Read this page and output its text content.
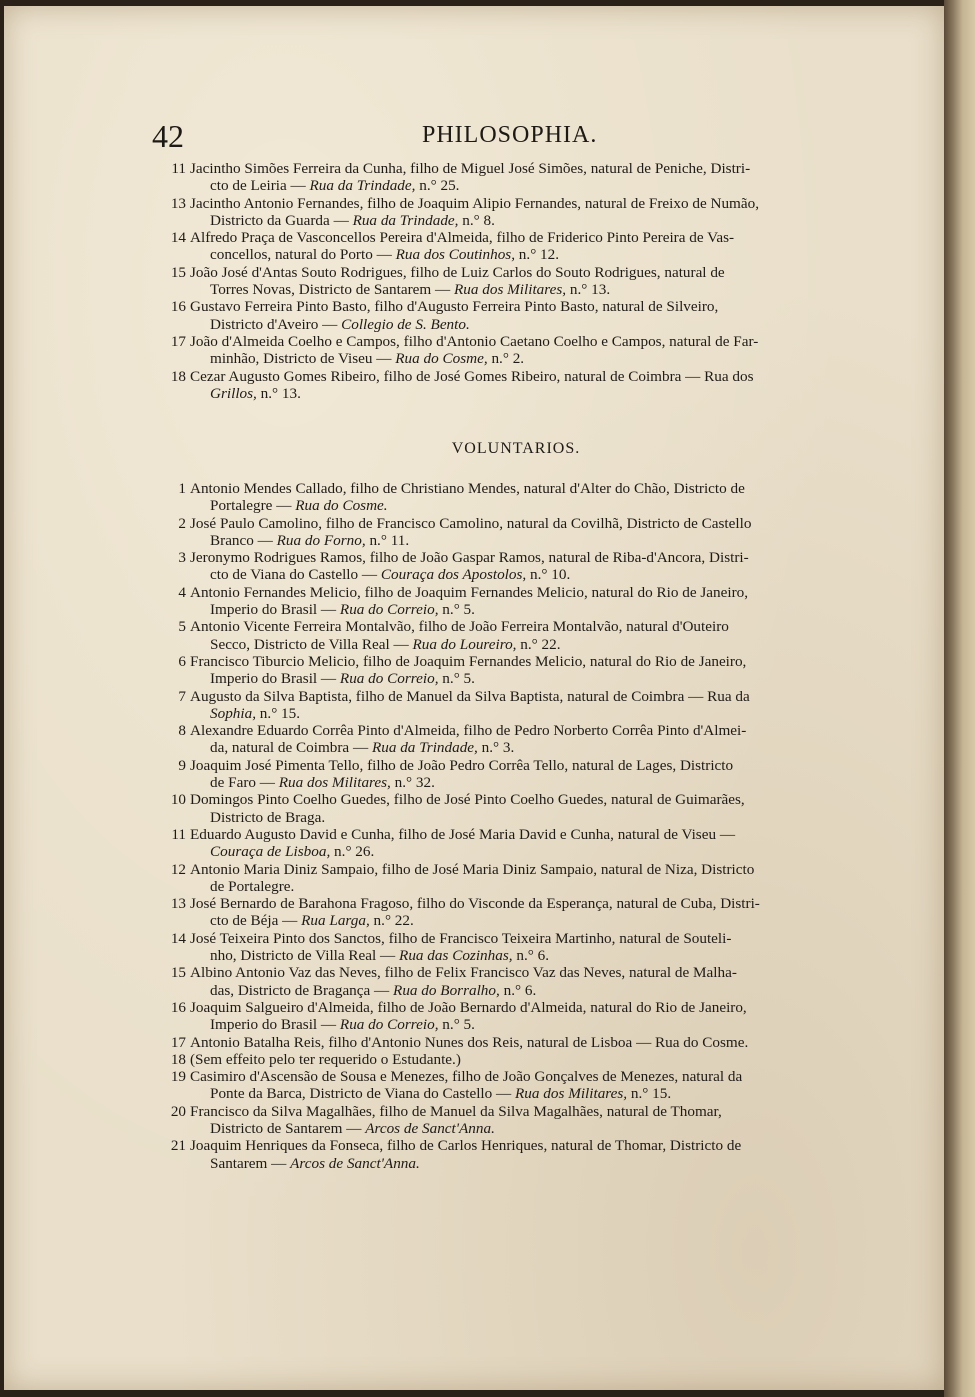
42	PHILOSOPHIA.
11 Jacintho Simões Ferreira da Cunha, filho de Miguel José Simões, natural de Peniche, Distri-
cto de Leiria — Rua da Trindade, n.° 25.
13 Jacintho Antonio Fernandes, filho de Joaquim Alipio Fernandes, natural de Freixo de Numão,
Districto da Guarda — Rua da Trindade, n.° 8.
14 Alfredo Praça de Vasconcellos Pereira d'Almeida, filho de Friderico Pinto Pereira de Vas-
concellos, natural do Porto — Rua dos Coutinhos, n.° 12.
15 João José d'Antas Souto Rodrigues, filho de Luiz Carlos do Souto Rodrigues, natural de
Torres Novas, Districto de Santarem — Rua dos Militares, n.° 13.
16 Gustavo Ferreira Pinto Basto, filho d'Augusto Ferreira Pinto Basto, natural de Silveiro,
Districto d'Aveiro — Collegio de S. Bento.
17 João d'Almeida Coelho e Campos, filho d'Antonio Caetano Coelho e Campos, natural de Far-
minhão, Districto de Viseu — Rua do Cosme, n.° 2.
18 Cezar Augusto Gomes Ribeiro, filho de José Gomes Ribeiro, natural de Coimbra — Rua dos
Grillos, n.° 13.
VOLUNTARIOS.
1 Antonio Mendes Callado, filho de Christiano Mendes, natural d'Alter do Chão, Districto de
Portalegre — Rua do Cosme.
2 José Paulo Camolino, filho de Francisco Camolino, natural da Covilhã, Districto de Castello
Branco — Rua do Forno, n.° 11.
3 Jeronymo Rodrigues Ramos, filho de João Gaspar Ramos, natural de Riba-d'Ancora, Distri-
cto de Viana do Castello — Couraça dos Apostolos, n.° 10.
4 Antonio Fernandes Melicio, filho de Joaquim Fernandes Melicio, natural do Rio de Janeiro,
Imperio do Brasil — Rua do Correio, n.° 5.
5 Antonio Vicente Ferreira Montalvão, filho de João Ferreira Montalvão, natural d'Outeiro
Secco, Districto de Villa Real — Rua do Loureiro, n.° 22.
6 Francisco Tiburcio Melicio, filho de Joaquim Fernandes Melicio, natural do Rio de Janeiro,
Imperio do Brasil — Rua do Correio, n.° 5.
7 Augusto da Silva Baptista, filho de Manuel da Silva Baptista, natural de Coimbra — Rua da
Sophia, n.° 15.
8 Alexandre Eduardo Corrêa Pinto d'Almeida, filho de Pedro Norberto Corrêa Pinto d'Almei-
da, natural de Coimbra — Rua da Trindade, n.° 3.
9 Joaquim José Pimenta Tello, filho de João Pedro Corrêa Tello, natural de Lages, Districto
de Faro — Rua dos Militares, n.° 32.
10 Domingos Pinto Coelho Guedes, filho de José Pinto Coelho Guedes, natural de Guimarães,
Districto de Braga.
11 Eduardo Augusto David e Cunha, filho de José Maria David e Cunha, natural de Viseu —
Couraça de Lisboa, n.° 26.
12 Antonio Maria Diniz Sampaio, filho de José Maria Diniz Sampaio, natural de Niza, Districto
de Portalegre.
13 José Bernardo de Barahona Fragoso, filho do Visconde da Esperança, natural de Cuba, Distri-
cto de Béja — Rua Larga, n.° 22.
14 José Teixeira Pinto dos Sanctos, filho de Francisco Teixeira Martinho, natural de Souteli-
nho, Districto de Villa Real — Rua das Cozinhas, n.° 6.
15 Albino Antonio Vaz das Neves, filho de Felix Francisco Vaz das Neves, natural de Malha-
das, Districto de Bragança — Rua do Borralho, n.° 6.
16 Joaquim Salgueiro d'Almeida, filho de João Bernardo d'Almeida, natural do Rio de Janeiro,
Imperio do Brasil — Rua do Correio, n.° 5.
17 Antonio Batalha Reis, filho d'Antonio Nunes dos Reis, natural de Lisboa — Rua do Cosme.
18 (Sem effeito pelo ter requerido o Estudante.)
19 Casimiro d'Ascensão de Sousa e Menezes, filho de João Gonçalves de Menezes, natural da
Ponte da Barca, Districto de Viana do Castello — Rua dos Militares, n.° 15.
20 Francisco da Silva Magalhães, filho de Manuel da Silva Magalhães, natural de Thomar,
Districto de Santarem — Arcos de Sanct'Anna.
21 Joaquim Henriques da Fonseca, filho de Carlos Henriques, natural de Thomar, Districto de
Santarem — Arcos de Sanct'Anna.
